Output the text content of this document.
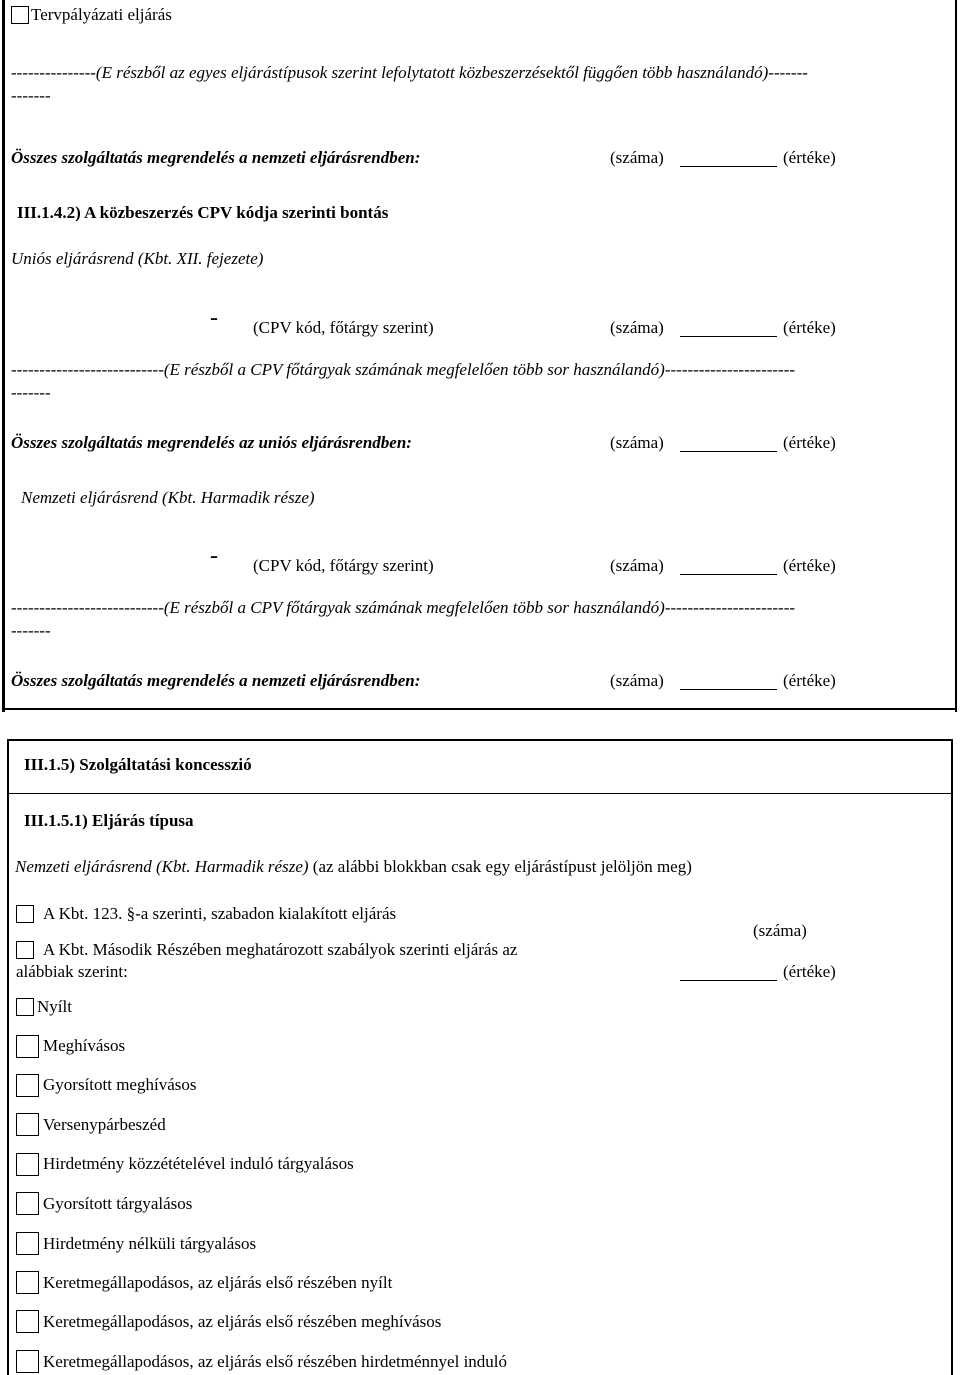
Tervpályázati eljárás
---------------(E részből az egyes eljárástípusok szerint lefolytatott közbeszerzésektől függően több használandó)-------
-------
Összes szolgáltatás megrendelés a nemzeti eljárásrendben:	(száma)	(értéke)
III.1.4.2) A közbeszerzés CPV kódja szerinti bontás
Uniós eljárásrend (Kbt. XII. fejezete)
- (CPV kód, főtárgy szerint)	(száma)	(értéke)
---------------------------(E részből a CPV főtárgyak számának megfelelően több sor használandó)-----------------------
-------
Összes szolgáltatás megrendelés az uniós eljárásrendben:	(száma)	(értéke)
Nemzeti eljárásrend (Kbt. Harmadik része)
- (CPV kód, főtárgy szerint)	(száma)	(értéke)
---------------------------(E részből a CPV főtárgyak számának megfelelően több sor használandó)-----------------------
-------
Összes szolgáltatás megrendelés a nemzeti eljárásrendben:	(száma)	(értéke)
III.1.5) Szolgáltatási koncesszió
III.1.5.1) Eljárás típusa
Nemzeti eljárásrend (Kbt. Harmadik része) (az alábbi blokkban csak egy eljárástípust jelöljön meg)
A Kbt. 123. §-a szerinti, szabadon kialakított eljárás
A Kbt. Második Részében meghatározott szabályok szerinti eljárás az
alábbiak szerint:
(száma)
(értéke)
Nyílt
Meghívásos
Gyorsított meghívásos
Versenypárbeszéd
Hirdetmény közzétételével induló tárgyalásos
Gyorsított tárgyalásos
Hirdetmény nélküli tárgyalásos
Keretmegállapodásos, az eljárás első részében nyílt
Keretmegállapodásos, az eljárás első részében meghívásos
Keretmegállapodásos, az eljárás első részében hirdetménnyel induló
